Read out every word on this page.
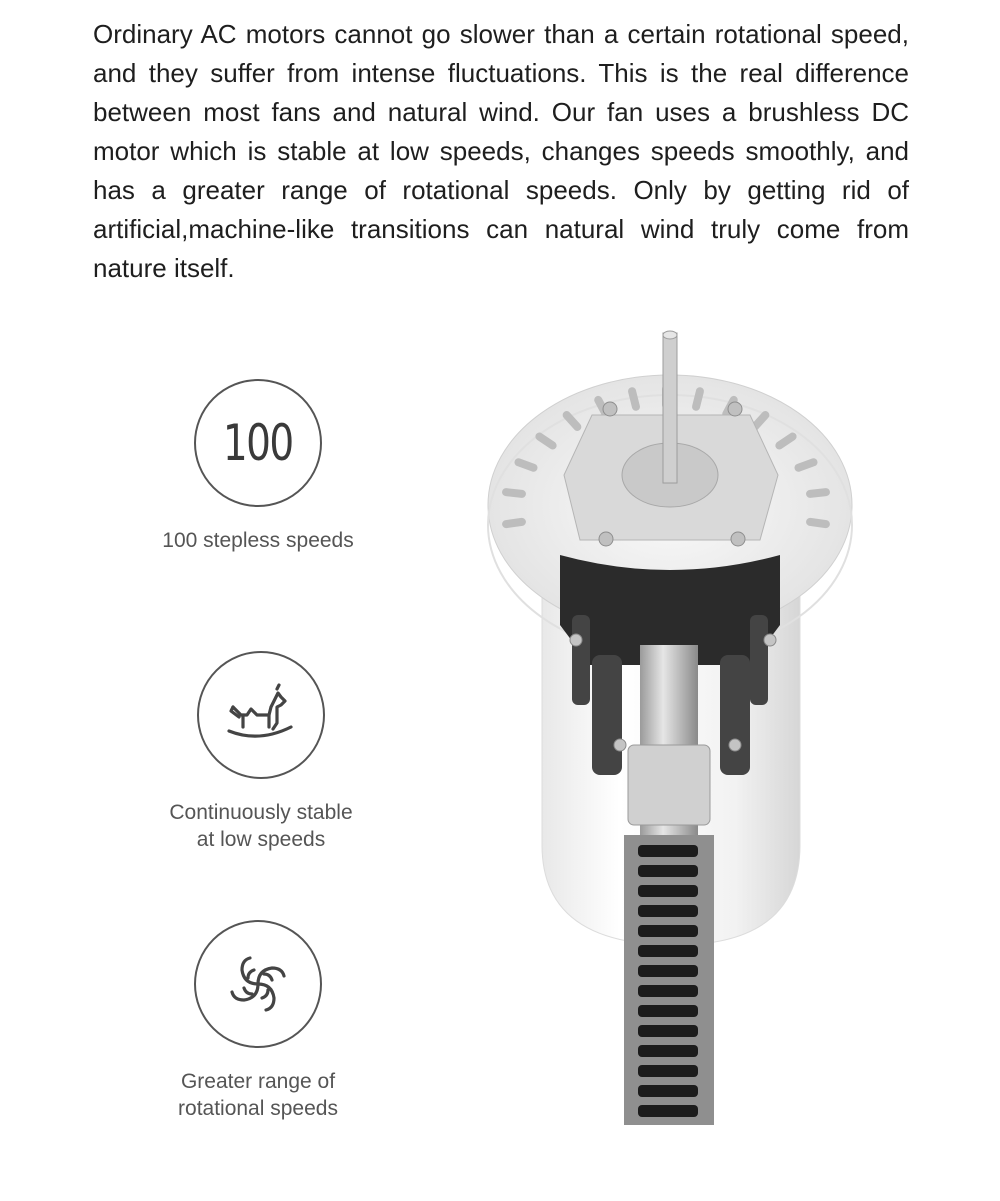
Ordinary AC motors cannot go slower than a certain rotational speed, and they suffer from intense fluctuations. This is the real difference between most fans and natural wind. Our fan uses a brushless DC motor which is stable at low speeds, changes speeds smoothly, and has a greater range of rotational speeds. Only by getting rid of artificial,machine-like transitions can natural wind truly come from nature itself.

100
100 stepless speeds
Continuously stable
at low speeds
Greater range of
rotational speeds
